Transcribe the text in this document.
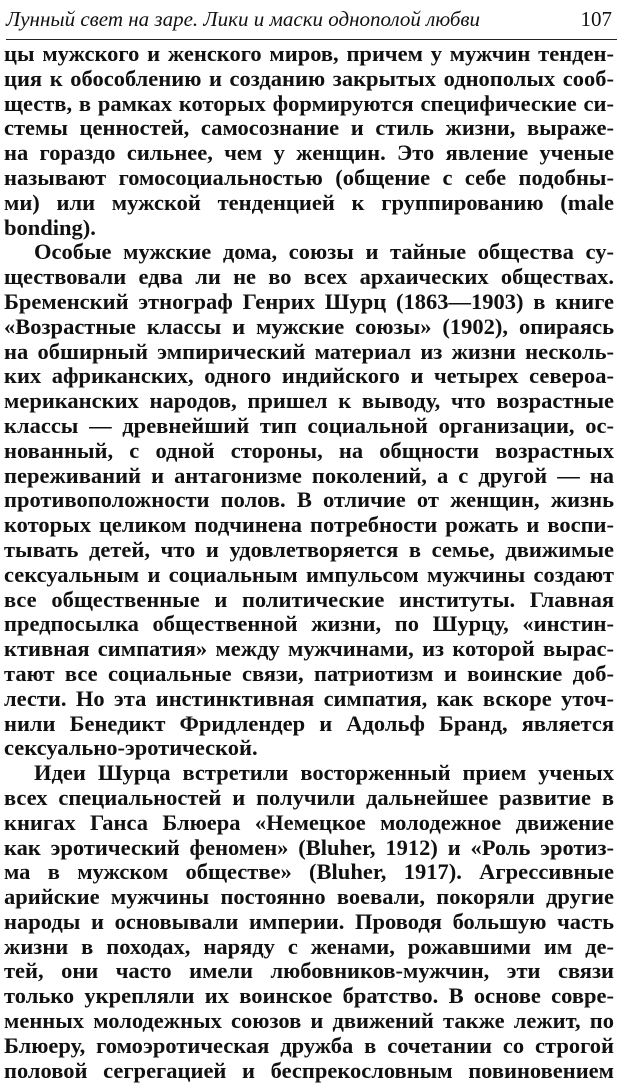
Лунный свет на заре. Лики и маски однополой любви	107
цы мужского и женского миров, причем у мужчин тенден-
ция к обособлению и созданию закрытых однополых сооб-
ществ, в рамках которых формируются специфические си-
стемы ценностей, самосознание и стиль жизни, выраже-
на гораздо сильнее, чем у женщин. Это явление ученые
называют гомосоциальностью (общение с себе подобны-
ми) или мужской тенденцией к группированию (male
bonding).
Особые мужские дома, союзы и тайные общества су-
ществовали едва ли не во всех архаических обществах.
Бременский этнограф Генрих Шурц (1863—1903) в книге
«Возрастные классы и мужские союзы» (1902), опираясь
на обширный эмпирический материал из жизни несколь-
ких африканских, одного индийского и четырех североа-
мериканских народов, пришел к выводу, что возрастные
классы — древнейший тип социальной организации, ос-
нованный, с одной стороны, на общности возрастных
переживаний и антагонизме поколений, а с другой — на
противоположности полов. В отличие от женщин, жизнь
которых целиком подчинена потребности рожать и воспи-
тывать детей, что и удовлетворяется в семье, движимые
сексуальным и социальным импульсом мужчины создают
все общественные и политические институты. Главная
предпосылка общественной жизни, по Шурцу, «инстин-
ктивная симпатия» между мужчинами, из которой вырас-
тают все социальные связи, патриотизм и воинские доб-
лести. Но эта инстинктивная симпатия, как вскоре уточ-
нили Бенедикт Фридлендер и Адольф Бранд, является
сексуально-эротической.
Идеи Шурца встретили восторженный прием ученых
всех специальностей и получили дальнейшее развитие в
книгах Ганса Блюера «Немецкое молодежное движение
как эротический феномен» (Bluher, 1912) и «Роль эротиз-
ма в мужском обществе» (Bluher, 1917). Агрессивные
арийские мужчины постоянно воевали, покоряли другие
народы и основывали империи. Проводя большую часть
жизни в походах, наряду с женами, рожавшими им де-
тей, они часто имели любовников-мужчин, эти связи
только укрепляли их воинское братство. В основе совре-
менных молодежных союзов и движений также лежит, по
Блюеру, гомоэротическая дружба в сочетании со строгой
половой сегрегацией и беспрекословным повиновением
